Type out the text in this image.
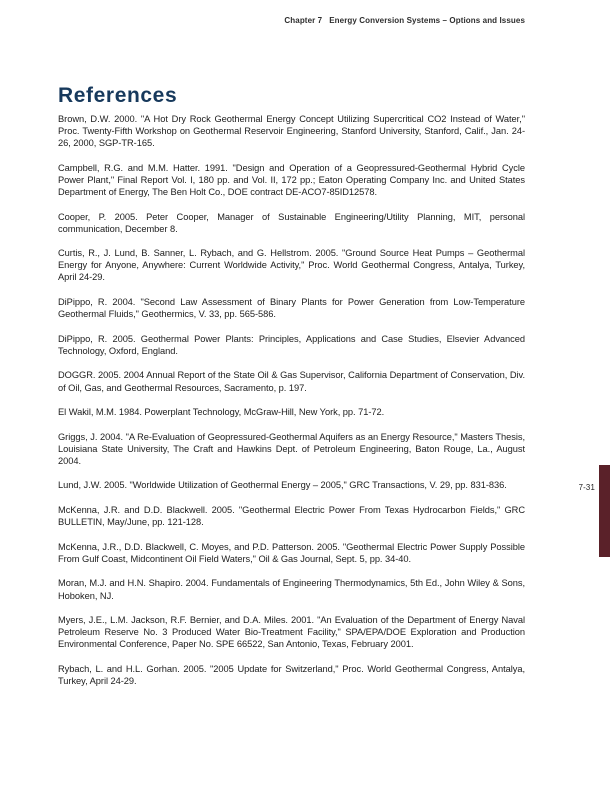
Chapter 7 Energy Conversion Systems – Options and Issues
References

Brown, D.W. 2000. "A Hot Dry Rock Geothermal Energy Concept Utilizing Supercritical CO2 Instead of Water," Proc. Twenty-Fifth Workshop on Geothermal Reservoir Engineering, Stanford University, Stanford, Calif., Jan. 24-26, 2000, SGP-TR-165.

Campbell, R.G. and M.M. Hatter. 1991. "Design and Operation of a Geopressured-Geothermal Hybrid Cycle Power Plant," Final Report Vol. I, 180 pp. and Vol. II, 172 pp.; Eaton Operating Company Inc. and United States Department of Energy, The Ben Holt Co., DOE contract DE-ACO7-85ID12578.

Cooper, P. 2005. Peter Cooper, Manager of Sustainable Engineering/Utility Planning, MIT, personal communication, December 8.

Curtis, R., J. Lund, B. Sanner, L. Rybach, and G. Hellstrom. 2005. "Ground Source Heat Pumps – Geothermal Energy for Anyone, Anywhere: Current Worldwide Activity," Proc. World Geothermal Congress, Antalya, Turkey, April 24-29.

DiPippo, R. 2004. "Second Law Assessment of Binary Plants for Power Generation from Low-Temperature Geothermal Fluids," Geothermics, V. 33, pp. 565-586.

DiPippo, R. 2005. Geothermal Power Plants: Principles, Applications and Case Studies, Elsevier Advanced Technology, Oxford, England.

DOGGR. 2005. 2004 Annual Report of the State Oil & Gas Supervisor, California Department of Conservation, Div. of Oil, Gas, and Geothermal Resources, Sacramento, p. 197.

El Wakil, M.M. 1984. Powerplant Technology, McGraw-Hill, New York, pp. 71-72.

Griggs, J. 2004. "A Re-Evaluation of Geopressured-Geothermal Aquifers as an Energy Resource," Masters Thesis, Louisiana State University, The Craft and Hawkins Dept. of Petroleum Engineering, Baton Rouge, La., August 2004.

Lund, J.W. 2005. "Worldwide Utilization of Geothermal Energy – 2005," GRC Transactions, V. 29, pp. 831-836.

McKenna, J.R. and D.D. Blackwell. 2005. "Geothermal Electric Power From Texas Hydrocarbon Fields," GRC BULLETIN, May/June, pp. 121-128.

McKenna, J.R., D.D. Blackwell, C. Moyes, and P.D. Patterson. 2005. "Geothermal Electric Power Supply Possible From Gulf Coast, Midcontinent Oil Field Waters," Oil & Gas Journal, Sept. 5, pp. 34-40.

Moran, M.J. and H.N. Shapiro. 2004. Fundamentals of Engineering Thermodynamics, 5th Ed., John Wiley & Sons, Hoboken, NJ.

Myers, J.E., L.M. Jackson, R.F. Bernier, and D.A. Miles. 2001. "An Evaluation of the Department of Energy Naval Petroleum Reserve No. 3 Produced Water Bio-Treatment Facility," SPA/EPA/DOE Exploration and Production Environmental Conference, Paper No. SPE 66522, San Antonio, Texas, February 2001.

Rybach, L. and H.L. Gorhan. 2005. "2005 Update for Switzerland," Proc. World Geothermal Congress, Antalya, Turkey, April 24-29.

7-31
